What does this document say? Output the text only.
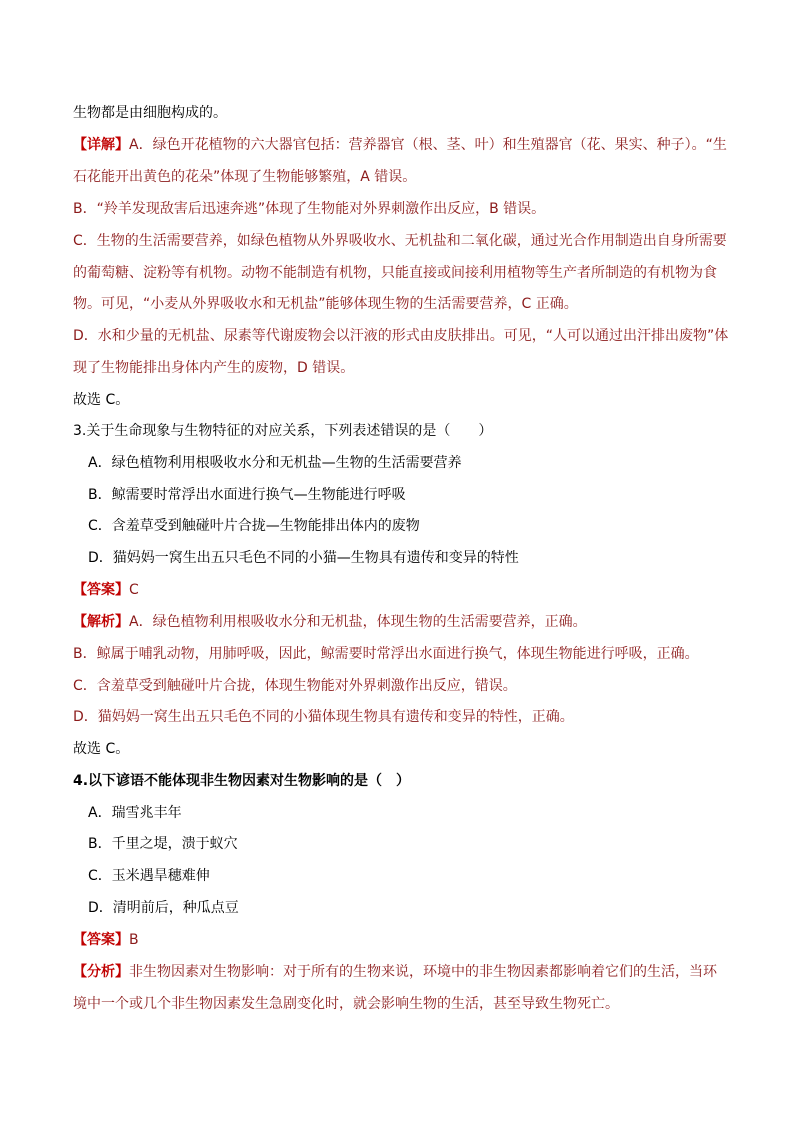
生物都是由细胞构成的。
【详解】A．绿色开花植物的六大器官包括：营养器官（根、茎、叶）和生殖器官（花、果实、种子）。“生
石花能开出黄色的花朵”体现了生物能够繁殖，A 错误。
B．“羚羊发现敌害后迅速奔逃”体现了生物能对外界刺激作出反应，B 错误。
C．生物的生活需要营养，如绿色植物从外界吸收水、无机盐和二氧化碳，通过光合作用制造出自身所需要
的葡萄糖、淀粉等有机物。动物不能制造有机物，只能直接或间接利用植物等生产者所制造的有机物为食
物。可见，“小麦从外界吸收水和无机盐”能够体现生物的生活需要营养，C 正确。
D．水和少量的无机盐、尿素等代谢废物会以汗液的形式由皮肤排出。可见，“人可以通过出汗排出废物”体
现了生物能排出身体内产生的废物，D 错误。
故选 C。
3.关于生命现象与生物特征的对应关系，下列表述错误的是（　　）
A．绿色植物利用根吸收水分和无机盐—生物的生活需要营养
B．鲸需要时常浮出水面进行换气—生物能进行呼吸
C．含羞草受到触碰叶片合拢—生物能排出体内的废物
D．猫妈妈一窝生出五只毛色不同的小猫—生物具有遗传和变异的特性
【答案】C
【解析】A．绿色植物利用根吸收水分和无机盐，体现生物的生活需要营养，正确。
B．鲸属于哺乳动物，用肺呼吸，因此，鲸需要时常浮出水面进行换气，体现生物能进行呼吸，正确。
C．含羞草受到触碰叶片合拢，体现生物能对外界刺激作出反应，错误。
D．猫妈妈一窝生出五只毛色不同的小猫体现生物具有遗传和变异的特性，正确。
故选 C。
4.以下谚语不能体现非生物因素对生物影响的是（　）
A．瑞雪兆丰年
B．千里之堤，溃于蚁穴
C．玉米遇旱穗难伸
D．清明前后，种瓜点豆
【答案】B
【分析】非生物因素对生物影响：对于所有的生物来说，环境中的非生物因素都影响着它们的生活，当环
境中一个或几个非生物因素发生急剧变化时，就会影响生物的生活，甚至导致生物死亡。
